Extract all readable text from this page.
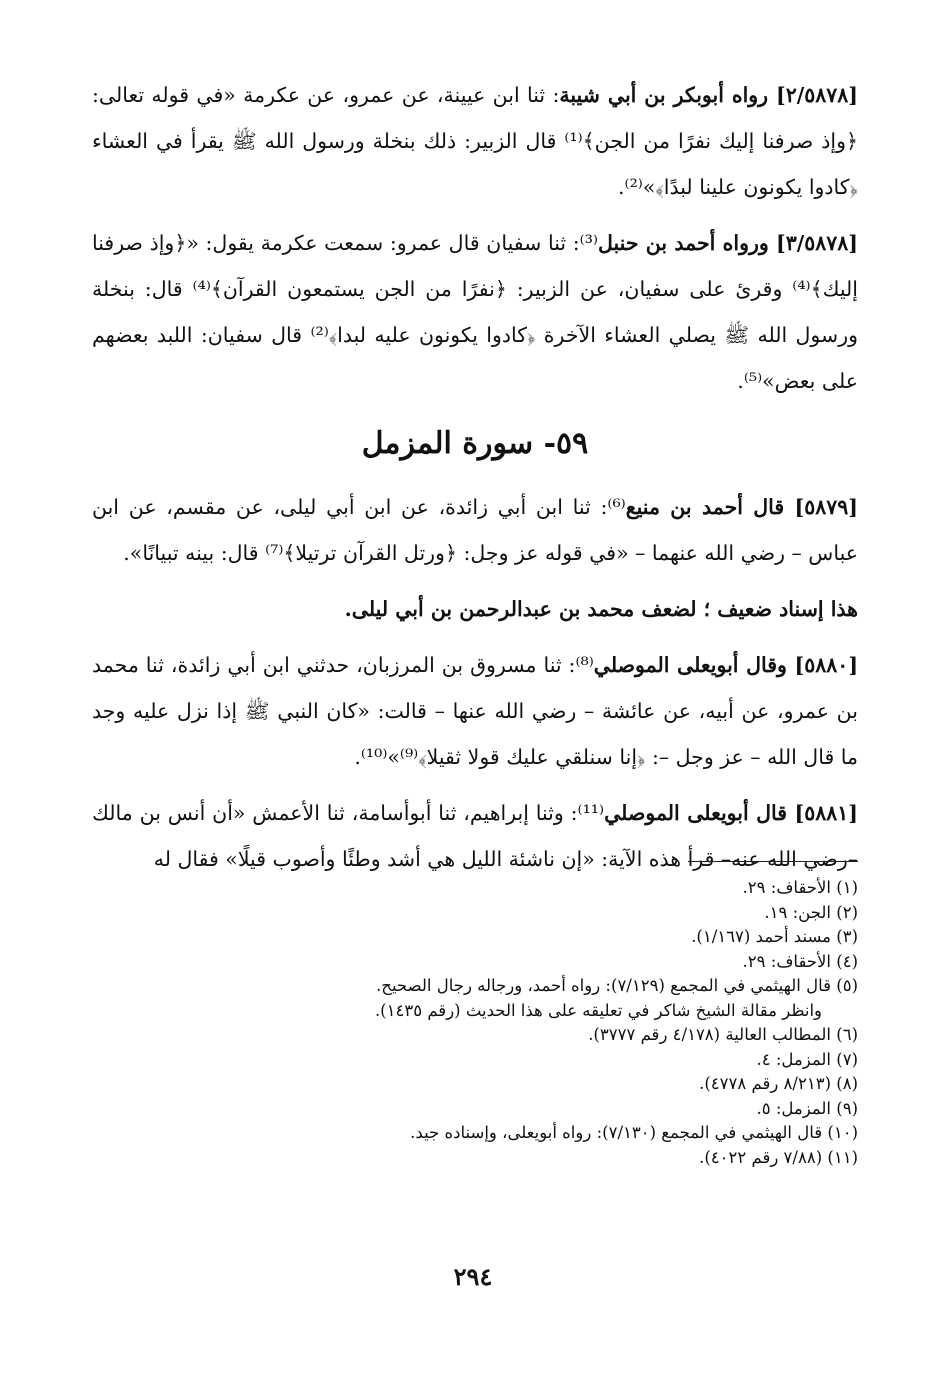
[٢/٥٨٧٨] رواه أبوبكر بن أبي شيبة: ثنا ابن عيينة، عن عمرو، عن عكرمة «في قوله تعالى: ﴿وإذ صرفنا إليك نفرًا من الجن﴾⁽¹⁾ قال الزبير: ذلك بنخلة ورسول الله ﷺ يقرأ في العشاء ﴿كادوا يكونون علينا لبدًا﴾»⁽²⁾.

[٣/٥٨٧٨] ورواه أحمد بن حنبل⁽³⁾: ثنا سفيان قال عمرو: سمعت عكرمة يقول: «﴿وإذ صرفنا إليك﴾⁽⁴⁾ وقرئ على سفيان، عن الزبير: ﴿نفرًا من الجن يستمعون القرآن﴾⁽⁴⁾ قال: بنخلة ورسول الله ﷺ يصلي العشاء الآخرة ﴿كادوا يكونون عليه لبدا﴾⁽²⁾ قال سفيان: اللبد بعضهم على بعض»⁽⁵⁾.

٥٩- سورة المزمل

[٥٨٧٩] قال أحمد بن منيع⁽⁶⁾: ثنا ابن أبي زائدة، عن ابن أبي ليلى، عن مقسم، عن ابن عباس – رضي الله عنهما – «في قوله عز وجل: ﴿ورتل القرآن ترتيلا﴾⁽⁷⁾ قال: بينه تبيانًا».

هذا إسناد ضعيف ؛ لضعف محمد بن عبدالرحمن بن أبي ليلى.

[٥٨٨٠] وقال أبويعلى الموصلي⁽⁸⁾: ثنا مسروق بن المرزبان، حدثني ابن أبي زائدة، ثنا محمد بن عمرو، عن أبيه، عن عائشة – رضي الله عنها – قالت: «كان النبي ﷺ إذا نزل عليه وجد ما قال الله – عز وجل –: ﴿إنا سنلقي عليك قولا ثقيلا﴾⁽⁹⁾»⁽¹⁰⁾.

[٥٨٨١] قال أبويعلى الموصلي⁽¹¹⁾: وثنا إبراهيم، ثنا أبوأسامة، ثنا الأعمش «أن أنس بن مالك –رضي الله عنه– قرأ هذه الآية: «إن ناشئة الليل هي أشد وطئًا وأصوب قيلًا» فقال له

(١) الأحقاف: ٢٩.
(٢) الجن: ١٩.
(٣) مسند أحمد (١/١٦٧).
(٤) الأحقاف: ٢٩.
(٥) قال الهيثمي في المجمع (٧/١٢٩): رواه أحمد، ورجاله رجال الصحيح.
وانظر مقالة الشيخ شاكر في تعليقه على هذا الحديث (رقم ١٤٣٥).
(٦) المطالب العالية (٤/١٧٨ رقم ٣٧٧٧).
(٧) المزمل: ٤.
(٨) (٨/٢١٣ رقم ٤٧٧٨).
(٩) المزمل: ٥.
(١٠) قال الهيثمي في المجمع (٧/١٣٠): رواه أبويعلى، وإسناده جيد.
(١١) (٧/٨٨ رقم ٤٠٢٢).
٢٩٤
